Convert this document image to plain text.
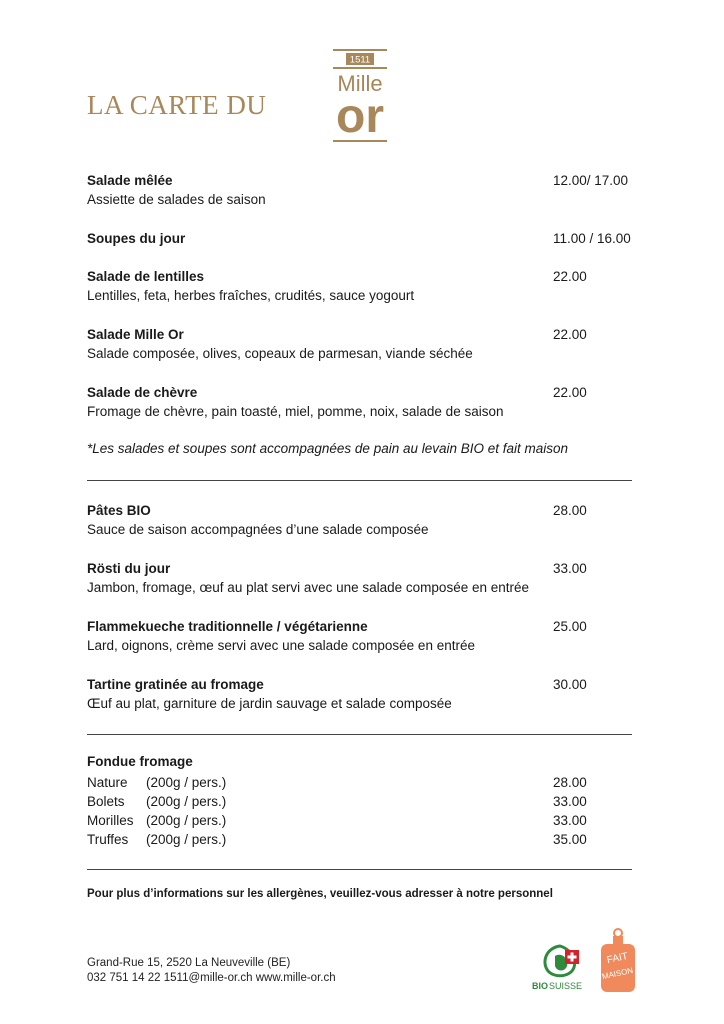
LA CARTE DU
1511
Mille
or
Salade mêlée
Assiette de salades de saison
12.00/ 17.00
Soupes du jour	11.00 / 16.00
Salade de lentilles
Lentilles, feta, herbes fraîches, crudités, sauce yogourt
22.00
Salade Mille Or
Salade composée, olives, copeaux de parmesan, viande séchée
22.00
Salade de chèvre
Fromage de chèvre, pain toasté, miel, pomme, noix, salade de saison
22.00
*Les salades et soupes sont accompagnées de pain au levain BIO et fait maison
Pâtes BIO
Sauce de saison accompagnées d’une salade composée
28.00
Rösti du jour
Jambon, fromage, œuf au plat servi avec une salade composée en entrée
33.00
Flammekueche traditionnelle / végétarienne
Lard, oignons, crème servi avec une salade composée en entrée
25.00
Tartine gratinée au fromage
Œuf au plat, garniture de jardin sauvage et salade composée
30.00
Fondue fromage
Nature (200g / pers.)	28.00
Bolets (200g / pers.)	33.00
Morilles (200g / pers.)	33.00
Truffes (200g / pers.)	35.00
Pour plus d’informations sur les allergènes, veuillez-vous adresser à notre personnel
Grand-Rue 15, 2520 La Neuveville (BE)
032 751 14 22 1511@mille-or.ch www.mille-or.ch
BIO SUISSE
FAIT
MAISON
